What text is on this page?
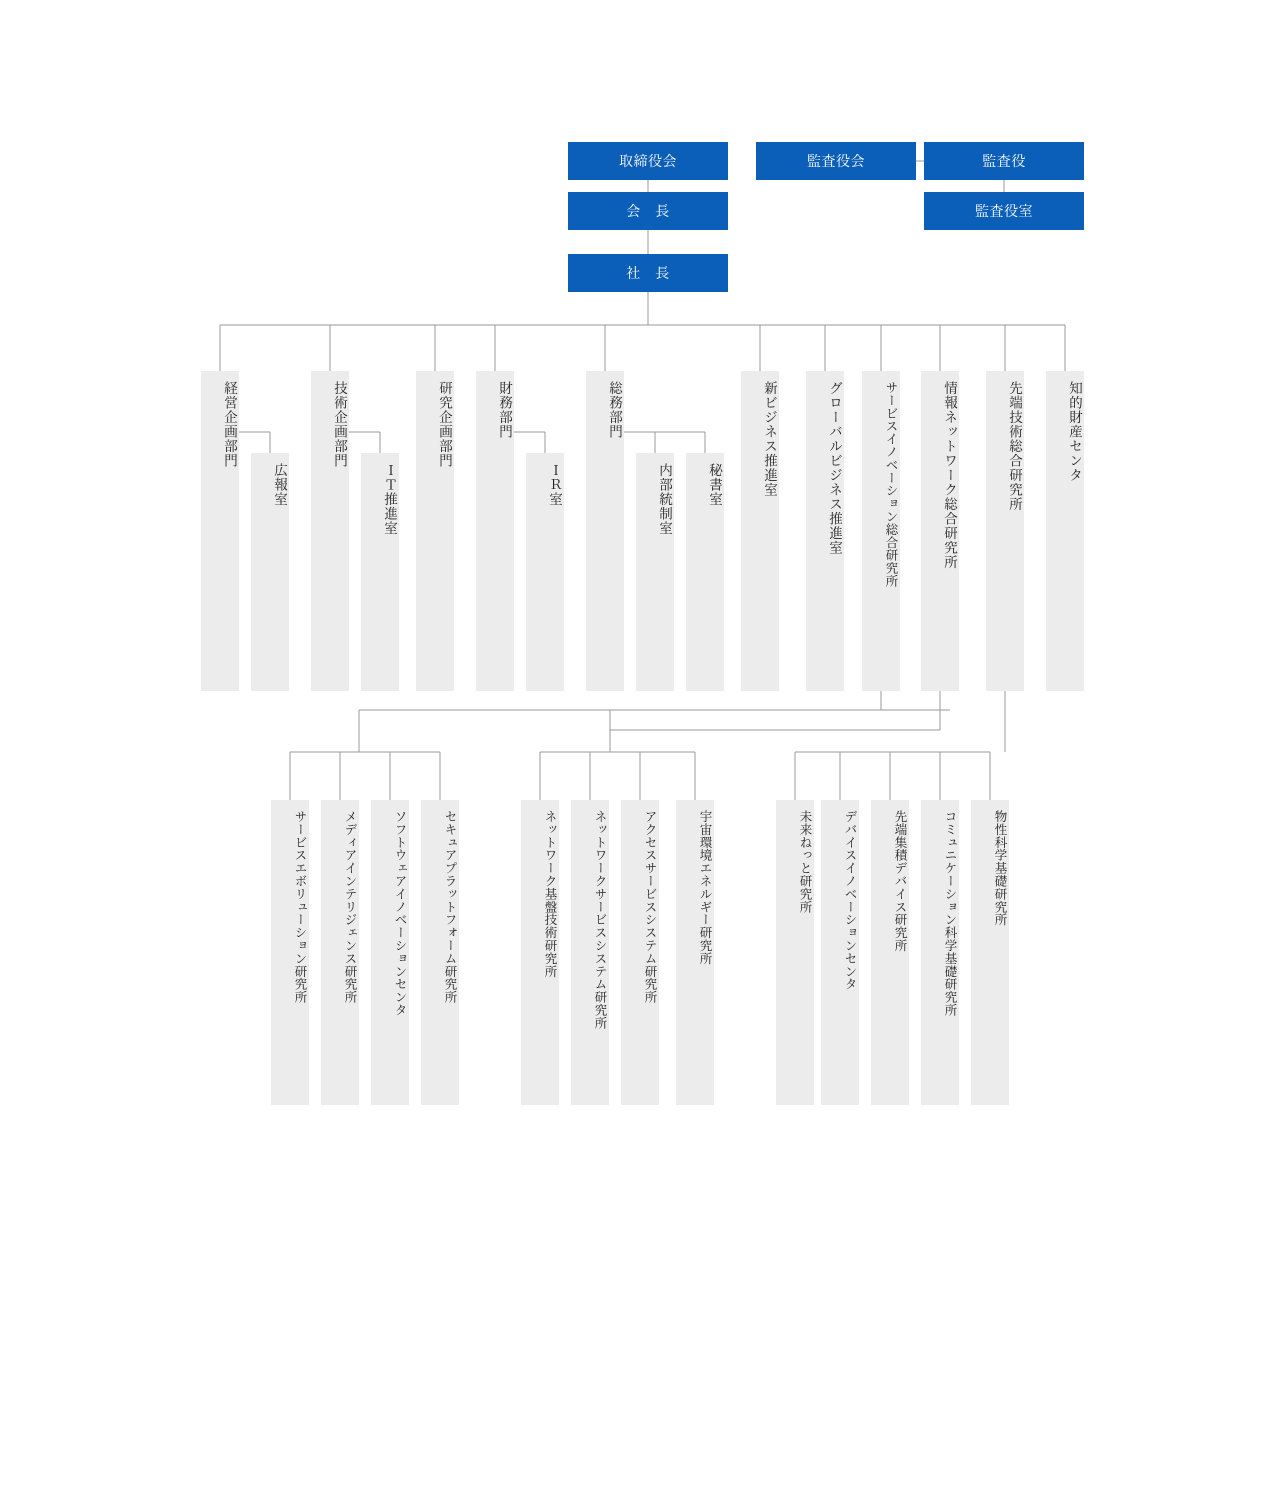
取締役会	監査役会	監査役
会　長	監査役室
社　長
経営企画部門
広報室
技術企画部門
ＩＴ推進室
研究企画部門	財務部門
ＩＲ室
総務部門
内部統制室	秘書室	新ビジネス推進室	グローバルビジネス推進室	サービスイノベーション総合研究所	情報ネットワーク総合研究所	先端技術総合研究所	知的財産センタ
サービスエボリューション研究所	メディアインテリジェンス研究所	ソフトウェアイノベーションセンタ	セキュアプラットフォーム研究所	ネットワーク基盤技術研究所	ネットワークサービスシステム研究所	アクセスサービスシステム研究所	宇宙環境エネルギー研究所	未来ねっと研究所 デバイスイノベーションセンタ	先端集積デバイス研究所	コミュニケーション科学基礎研究所	物性科学基礎研究所
